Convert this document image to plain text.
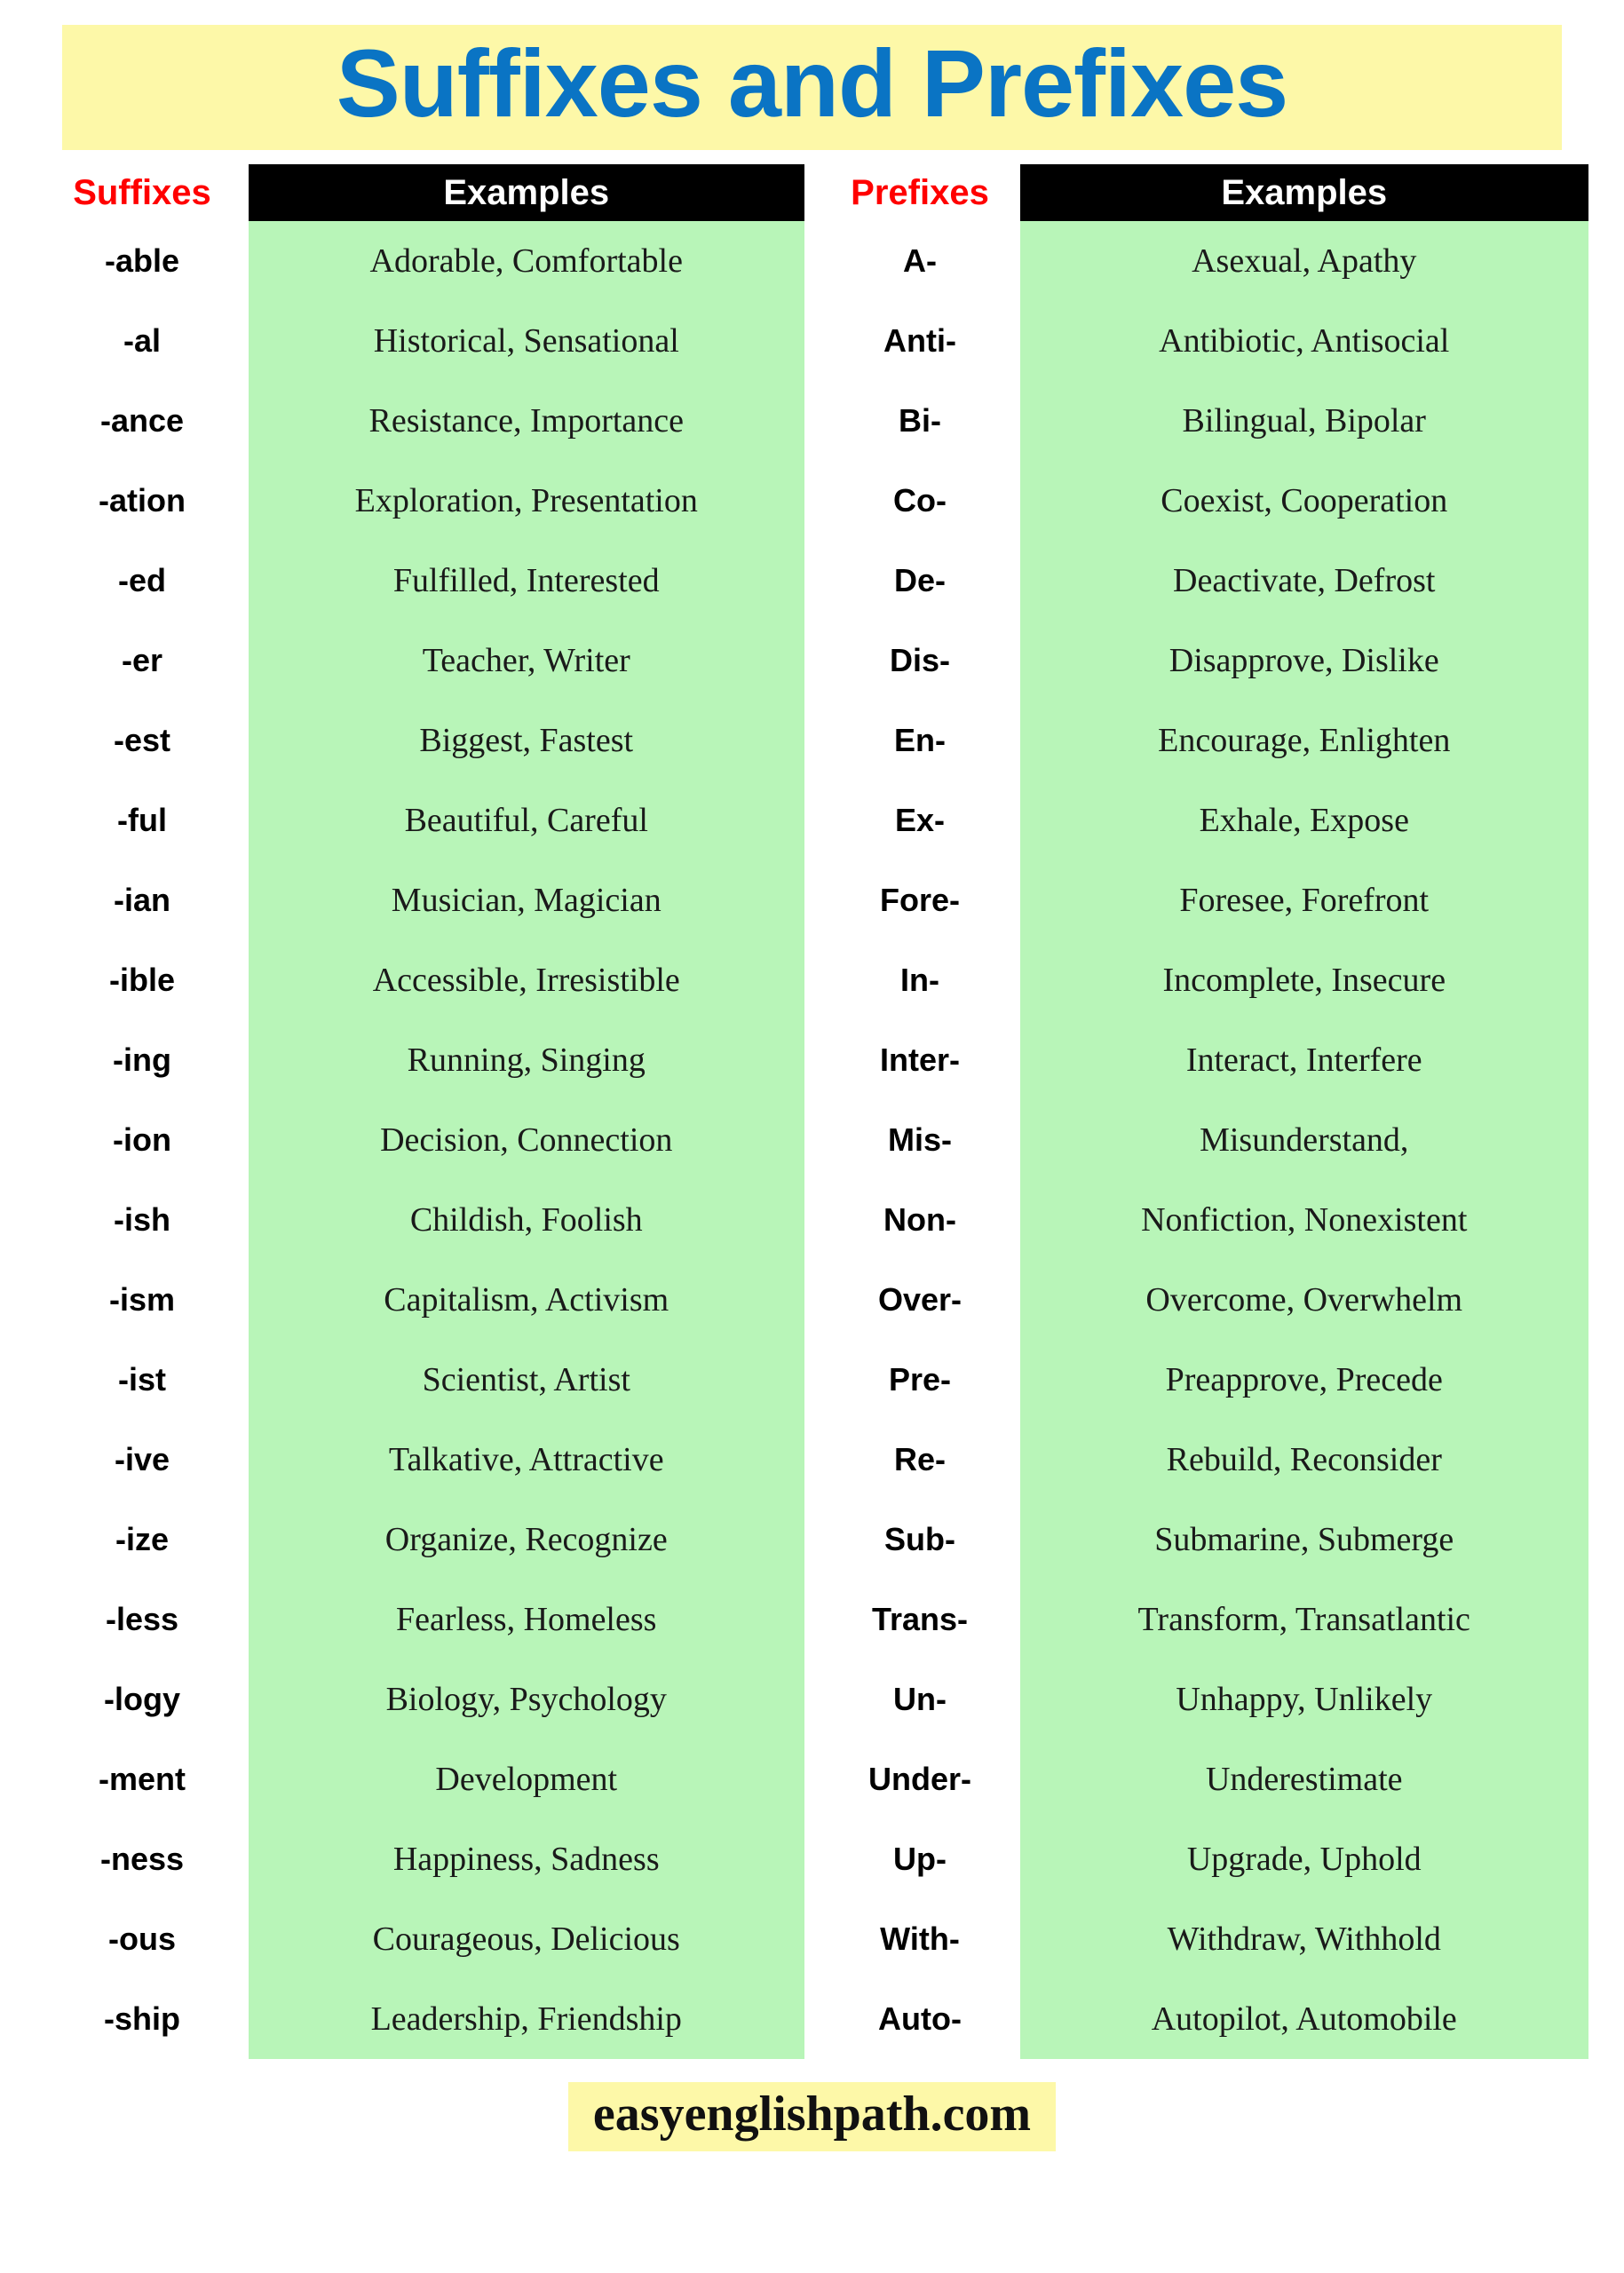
Suffixes and Prefixes
Suffixes
-able
-al
-ance
-ation
-ed
-er
-est
-ful
-ian
-ible
-ing
-ion
-ish
-ism
-ist
-ive
-ize
-less
-logy
-ment
-ness
-ous
-ship
Examples
Adorable, Comfortable
Historical, Sensational
Resistance, Importance
Exploration, Presentation
Fulfilled, Interested
Teacher, Writer
Biggest, Fastest
Beautiful, Careful
Musician, Magician
Accessible, Irresistible
Running, Singing
Decision, Connection
Childish, Foolish
Capitalism, Activism
Scientist, Artist
Talkative, Attractive
Organize, Recognize
Fearless, Homeless
Biology, Psychology
Development
Happiness, Sadness
Courageous, Delicious
Leadership, Friendship
Prefixes
A-
Anti-
Bi-
Co-
De-
Dis-
En-
Ex-
Fore-
In-
Inter-
Mis-
Non-
Over-
Pre-
Re-
Sub-
Trans-
Un-
Under-
Up-
With-
Auto-
Examples
Asexual, Apathy
Antibiotic, Antisocial
Bilingual, Bipolar
Coexist, Cooperation
Deactivate, Defrost
Disapprove, Dislike
Encourage, Enlighten
Exhale, Expose
Foresee, Forefront
Incomplete, Insecure
Interact, Interfere
Misunderstand,
Nonfiction, Nonexistent
Overcome, Overwhelm
Preapprove, Precede
Rebuild, Reconsider
Submarine, Submerge
Transform, Transatlantic
Unhappy, Unlikely
Underestimate
Upgrade, Uphold
Withdraw, Withhold
Autopilot, Automobile
easyenglishpath.com
